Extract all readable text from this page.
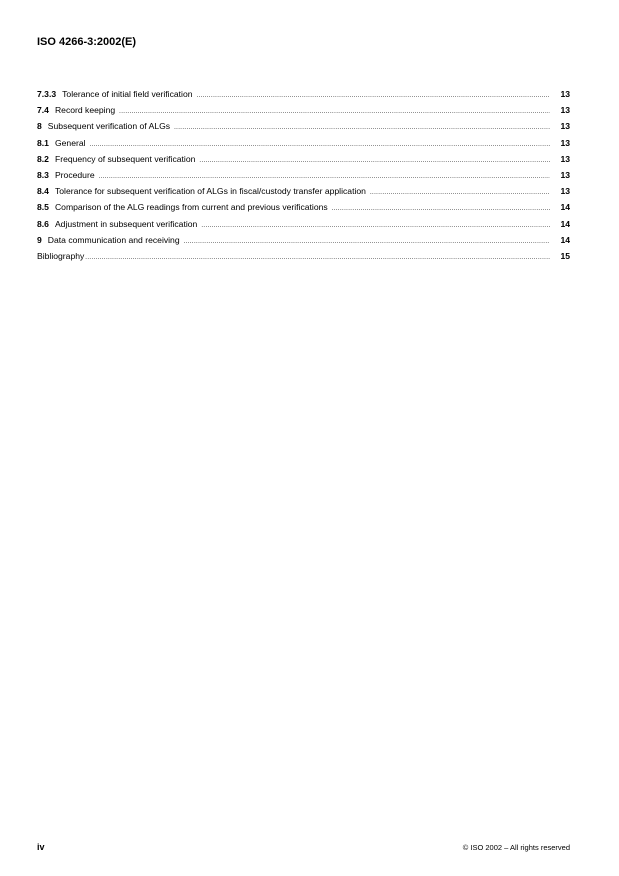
ISO 4266-3:2002(E)
7.3.3 Tolerance of initial field verification .....	13
7.4 Record keeping .....	13
8 Subsequent verification of ALGs .....	13
8.1 General .....	13
8.2 Frequency of subsequent verification .....	13
8.3 Procedure .....	13
8.4 Tolerance for subsequent verification of ALGs in fiscal/custody transfer application .....	13
8.5 Comparison of the ALG readings from current and previous verifications .....	14
8.6 Adjustment in subsequent verification .....	14
9 Data communication and receiving .....	14
Bibliography .....	15
iv	© ISO 2002 – All rights reserved
